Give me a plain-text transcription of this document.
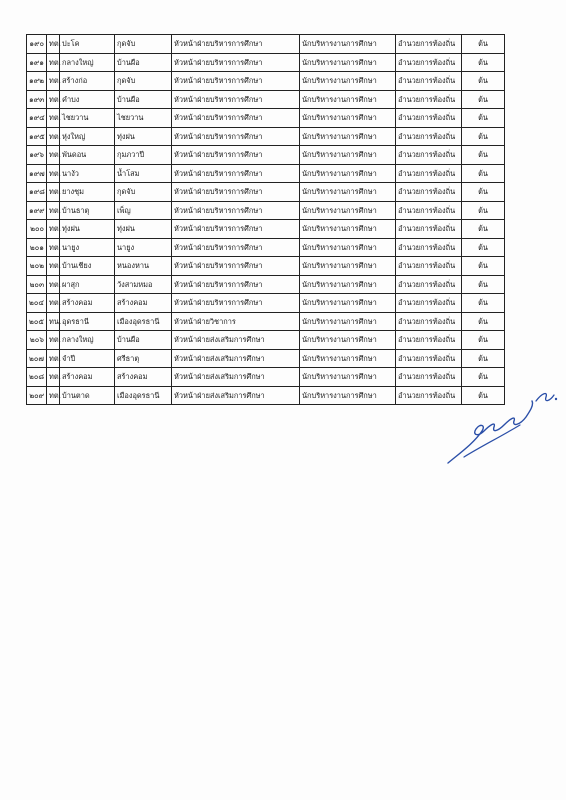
๑๙๐	ทต.	ปะโค	กุดจับ	หัวหน้าฝ่ายบริหารการศึกษา	นักบริหารงานการศึกษา	อำนวยการท้องถิ่น	ต้น
๑๙๑	ทต.	กลางใหญ่	บ้านผือ	หัวหน้าฝ่ายบริหารการศึกษา	นักบริหารงานการศึกษา	อำนวยการท้องถิ่น	ต้น
๑๙๒	ทต.	สร้างก่อ	กุดจับ	หัวหน้าฝ่ายบริหารการศึกษา	นักบริหารงานการศึกษา	อำนวยการท้องถิ่น	ต้น
๑๙๓	ทต.	คำบง	บ้านผือ	หัวหน้าฝ่ายบริหารการศึกษา	นักบริหารงานการศึกษา	อำนวยการท้องถิ่น	ต้น
๑๙๔	ทต.	ไชยวาน	ไชยวาน	หัวหน้าฝ่ายบริหารการศึกษา	นักบริหารงานการศึกษา	อำนวยการท้องถิ่น	ต้น
๑๙๕	ทต.	หุ่งใหญ่	ทุ่งฝน	หัวหน้าฝ่ายบริหารการศึกษา	นักบริหารงานการศึกษา	อำนวยการท้องถิ่น	ต้น
๑๙๖	ทต.	พันดอน	กุมภวาปี	หัวหน้าฝ่ายบริหารการศึกษา	นักบริหารงานการศึกษา	อำนวยการท้องถิ่น	ต้น
๑๙๗	ทต.	นางัว	น้ำโสม	หัวหน้าฝ่ายบริหารการศึกษา	นักบริหารงานการศึกษา	อำนวยการท้องถิ่น	ต้น
๑๙๘	ทต.	ยางชุม	กุดจับ	หัวหน้าฝ่ายบริหารการศึกษา	นักบริหารงานการศึกษา	อำนวยการท้องถิ่น	ต้น
๑๙๙	ทต.	บ้านธาตุ	เพ็ญ	หัวหน้าฝ่ายบริหารการศึกษา	นักบริหารงานการศึกษา	อำนวยการท้องถิ่น	ต้น
๒๐๐	ทต.	ทุ่งฝน	ทุ่งฝน	หัวหน้าฝ่ายบริหารการศึกษา	นักบริหารงานการศึกษา	อำนวยการท้องถิ่น	ต้น
๒๐๑	ทต.	นายูง	นายูง	หัวหน้าฝ่ายบริหารการศึกษา	นักบริหารงานการศึกษา	อำนวยการท้องถิ่น	ต้น
๒๐๒	ทต.	บ้านเชียง	หนองหาน	หัวหน้าฝ่ายบริหารการศึกษา	นักบริหารงานการศึกษา	อำนวยการท้องถิ่น	ต้น
๒๐๓	ทต.	ผาสุก	วังสามหมอ	หัวหน้าฝ่ายบริหารการศึกษา	นักบริหารงานการศึกษา	อำนวยการท้องถิ่น	ต้น
๒๐๔	ทต.	สร้างคอม	สร้างคอม	หัวหน้าฝ่ายบริหารการศึกษา	นักบริหารงานการศึกษา	อำนวยการท้องถิ่น	ต้น
๒๐๕	ทน.	อุดรธานี	เมืองอุดรธานี	หัวหน้าฝ่ายวิชาการ	นักบริหารงานการศึกษา	อำนวยการท้องถิ่น	ต้น
๒๐๖	ทต.	กลางใหญ่	บ้านผือ	หัวหน้าฝ่ายส่งเสริมการศึกษา	นักบริหารงานการศึกษา	อำนวยการท้องถิ่น	ต้น
๒๐๗	ทต.	จำปี	ศรีธาตุ	หัวหน้าฝ่ายส่งเสริมการศึกษา	นักบริหารงานการศึกษา	อำนวยการท้องถิ่น	ต้น
๒๐๘	ทต.	สร้างคอม	สร้างคอม	หัวหน้าฝ่ายส่งเสริมการศึกษา	นักบริหารงานการศึกษา	อำนวยการท้องถิ่น	ต้น
๒๐๙	ทต.	บ้านตาด	เมืองอุดรธานี	หัวหน้าฝ่ายส่งเสริมการศึกษา	นักบริหารงานการศึกษา	อำนวยการท้องถิ่น	ต้น
